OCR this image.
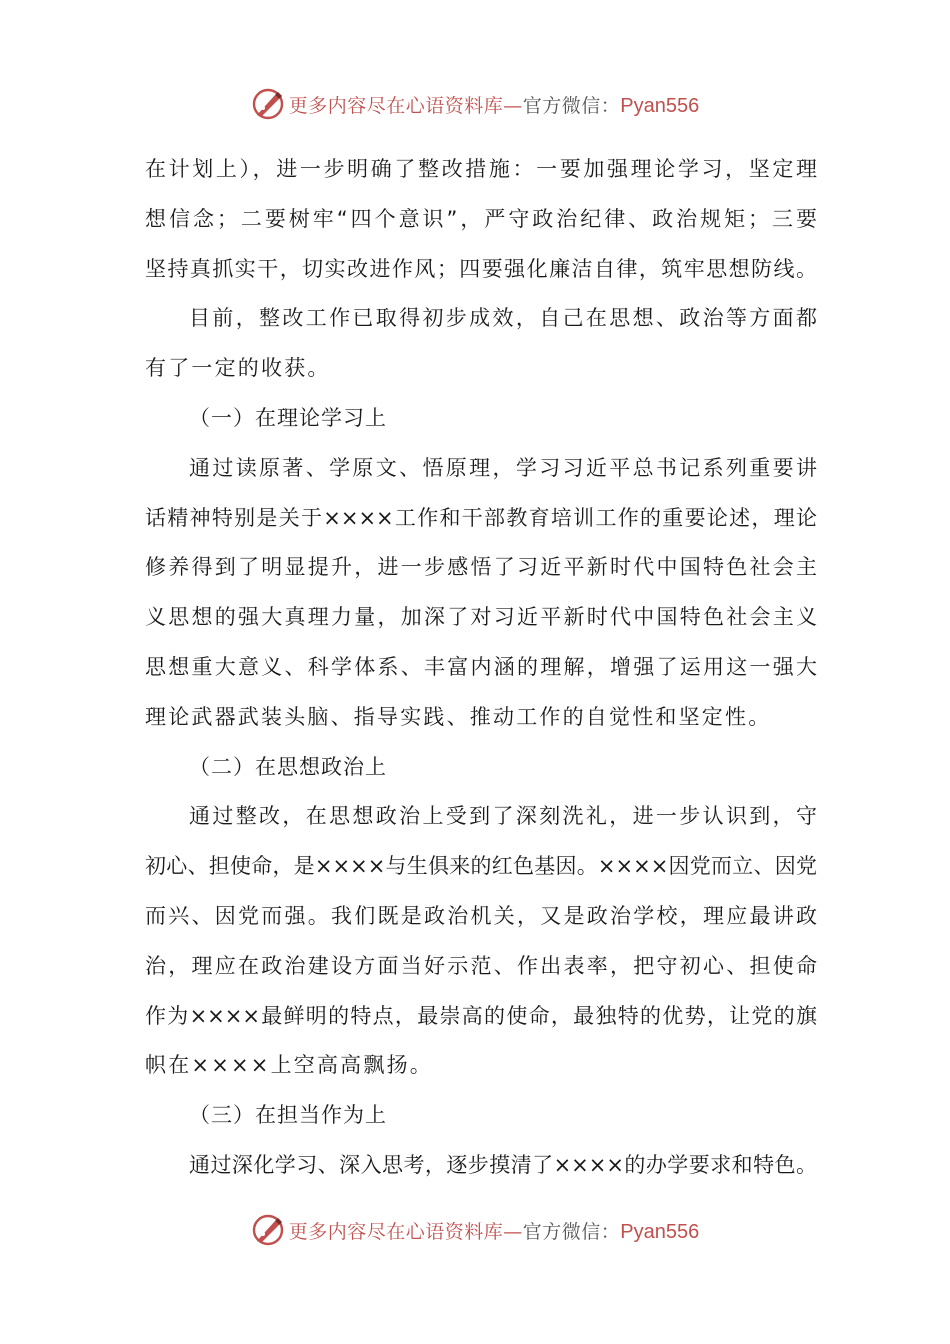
更多内容尽在心语资料库—官方微信：Pyan556
在计划上），进一步明确了整改措施：一要加强理论学习，坚定理
想信念；二要树牢“四个意识”，严守政治纪律、政治规矩；三要
坚持真抓实干，切实改进作风；四要强化廉洁自律，筑牢思想防线。
目前，整改工作已取得初步成效，自己在思想、政治等方面都
有了一定的收获。
（一）在理论学习上
通过读原著、学原文、悟原理，学习习近平总书记系列重要讲
话精神特别是关于××××工作和干部教育培训工作的重要论述，理论
修养得到了明显提升，进一步感悟了习近平新时代中国特色社会主
义思想的强大真理力量，加深了对习近平新时代中国特色社会主义
思想重大意义、科学体系、丰富内涵的理解，增强了运用这一强大
理论武器武装头脑、指导实践、推动工作的自觉性和坚定性。
（二）在思想政治上
通过整改，在思想政治上受到了深刻洗礼，进一步认识到，守
初心、担使命，是××××与生俱来的红色基因。××××因党而立、因党
而兴、因党而强。我们既是政治机关，又是政治学校，理应最讲政
治，理应在政治建设方面当好示范、作出表率，把守初心、担使命
作为××××最鲜明的特点，最崇高的使命，最独特的优势，让党的旗
帜在××××上空高高飘扬。
（三）在担当作为上
通过深化学习、深入思考，逐步摸清了××××的办学要求和特色。
更多内容尽在心语资料库—官方微信：Pyan556
